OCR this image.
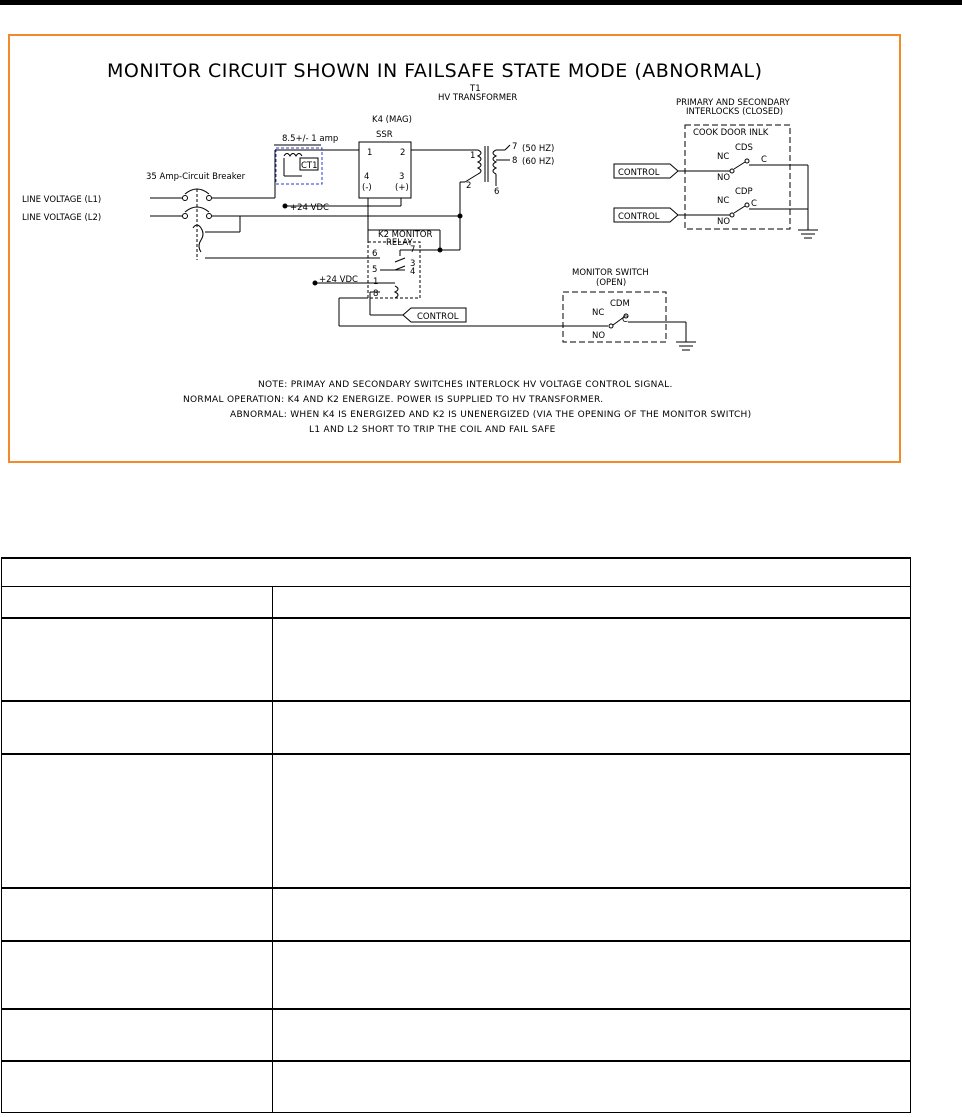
MONITOR CIRCUIT SHOWN IN FAILSAFE STATE MODE (ABNORMAL)
T1
HV TRANSFORMER
K4 (MAG)
SSR
1	2
3
4
(-)	(+)
8.5+/- 1 amp
CT1
(50 HZ)
(60 HZ)
7
8
1
2
6
35 Amp-Circuit Breaker
LINE VOLTAGE (L1)
LINE VOLTAGE (L2)
+24 VDC
+24 VDC
K2 MONITOR
RELAY
6	7
5
3
4
1
8
CONTROL
CONTROL
CONTROL
PRIMARY AND SECONDARY
INTERLOCKS (CLOSED)
COOK DOOR INLK
CDS
CDP
NC
NC
NO
NO
C
C
MONITOR SWITCH
(OPEN)
CDM
NC
NO
C
NOTE: PRIMAY AND SECONDARY SWITCHES INTERLOCK HV VOLTAGE CONTROL SIGNAL.
NORMAL OPERATION: K4 AND K2 ENERGIZE. POWER IS SUPPLIED TO HV TRANSFORMER.
ABNORMAL: WHEN K4 IS ENERGIZED AND K2 IS UNENERGIZED (VIA THE OPENING OF THE MONITOR SWITCH)
L1 AND L2 SHORT TO TRIP THE COIL AND FAIL SAFE
